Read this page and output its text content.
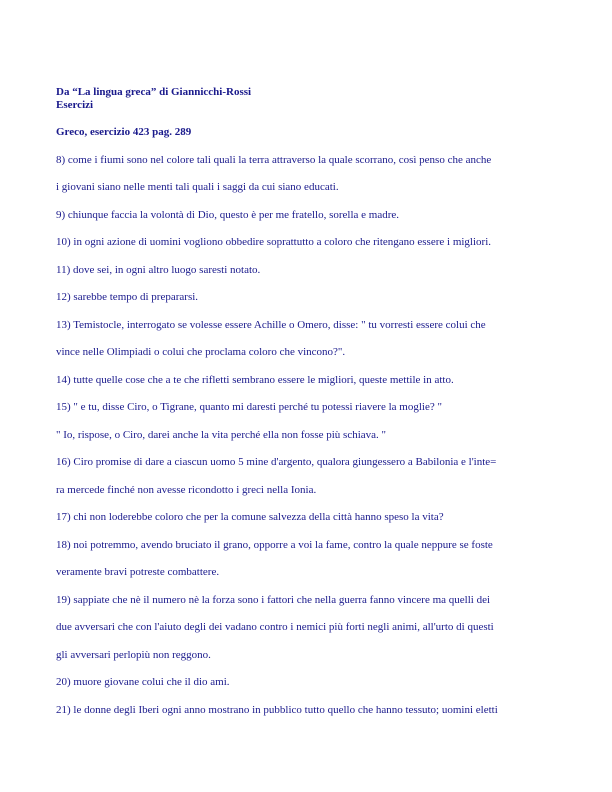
Da “La lingua greca” di Giannicchi-Rossi
Esercizi
Greco, esercizio 423 pag. 289
8) come i fiumi sono nel colore tali quali la terra attraverso la quale scorrano, così penso che anche
i giovani siano nelle menti tali quali i saggi da cui siano educati.
9) chiunque faccia la volontà di Dio, questo è per me fratello, sorella e madre.
10) in ogni azione di uomini vogliono obbedire soprattutto a coloro che ritengano essere i migliori.
11) dove sei, in ogni altro luogo saresti notato.
12) sarebbe tempo di prepararsi.
13) Temistocle, interrogato se volesse essere Achille o Omero, disse: " tu vorresti essere colui che
vince nelle Olimpiadi o colui che proclama coloro che vincono?".
14) tutte quelle cose che a te che rifletti sembrano essere le migliori, queste mettile in atto.
15) " e tu, disse Ciro, o Tigrane, quanto mi daresti perché tu potessi riavere la moglie? "
" Io, rispose, o Ciro, darei anche la vita perché ella non fosse più schiava. "
16) Ciro promise di dare a ciascun uomo 5 mine d'argento, qualora giungessero a Babilonia e l'inte=
ra mercede finché non avesse ricondotto i greci nella Ionia.
17) chi non loderebbe coloro che per la comune salvezza della città hanno speso la vita?
18) noi potremmo, avendo bruciato il grano, opporre a voi la fame, contro la quale neppure se foste
veramente bravi potreste combattere.
19) sappiate che nè il numero nè la forza sono i fattori che nella guerra fanno vincere ma quelli dei
due avversari che con l'aiuto degli dei vadano contro i nemici più forti negli animi, all'urto di questi
gli avversari perlopiù non reggono.
20) muore giovane colui che il dio ami.
21) le donne degli Iberi ogni anno mostrano in pubblico tutto quello che hanno tessuto; uomini eletti
